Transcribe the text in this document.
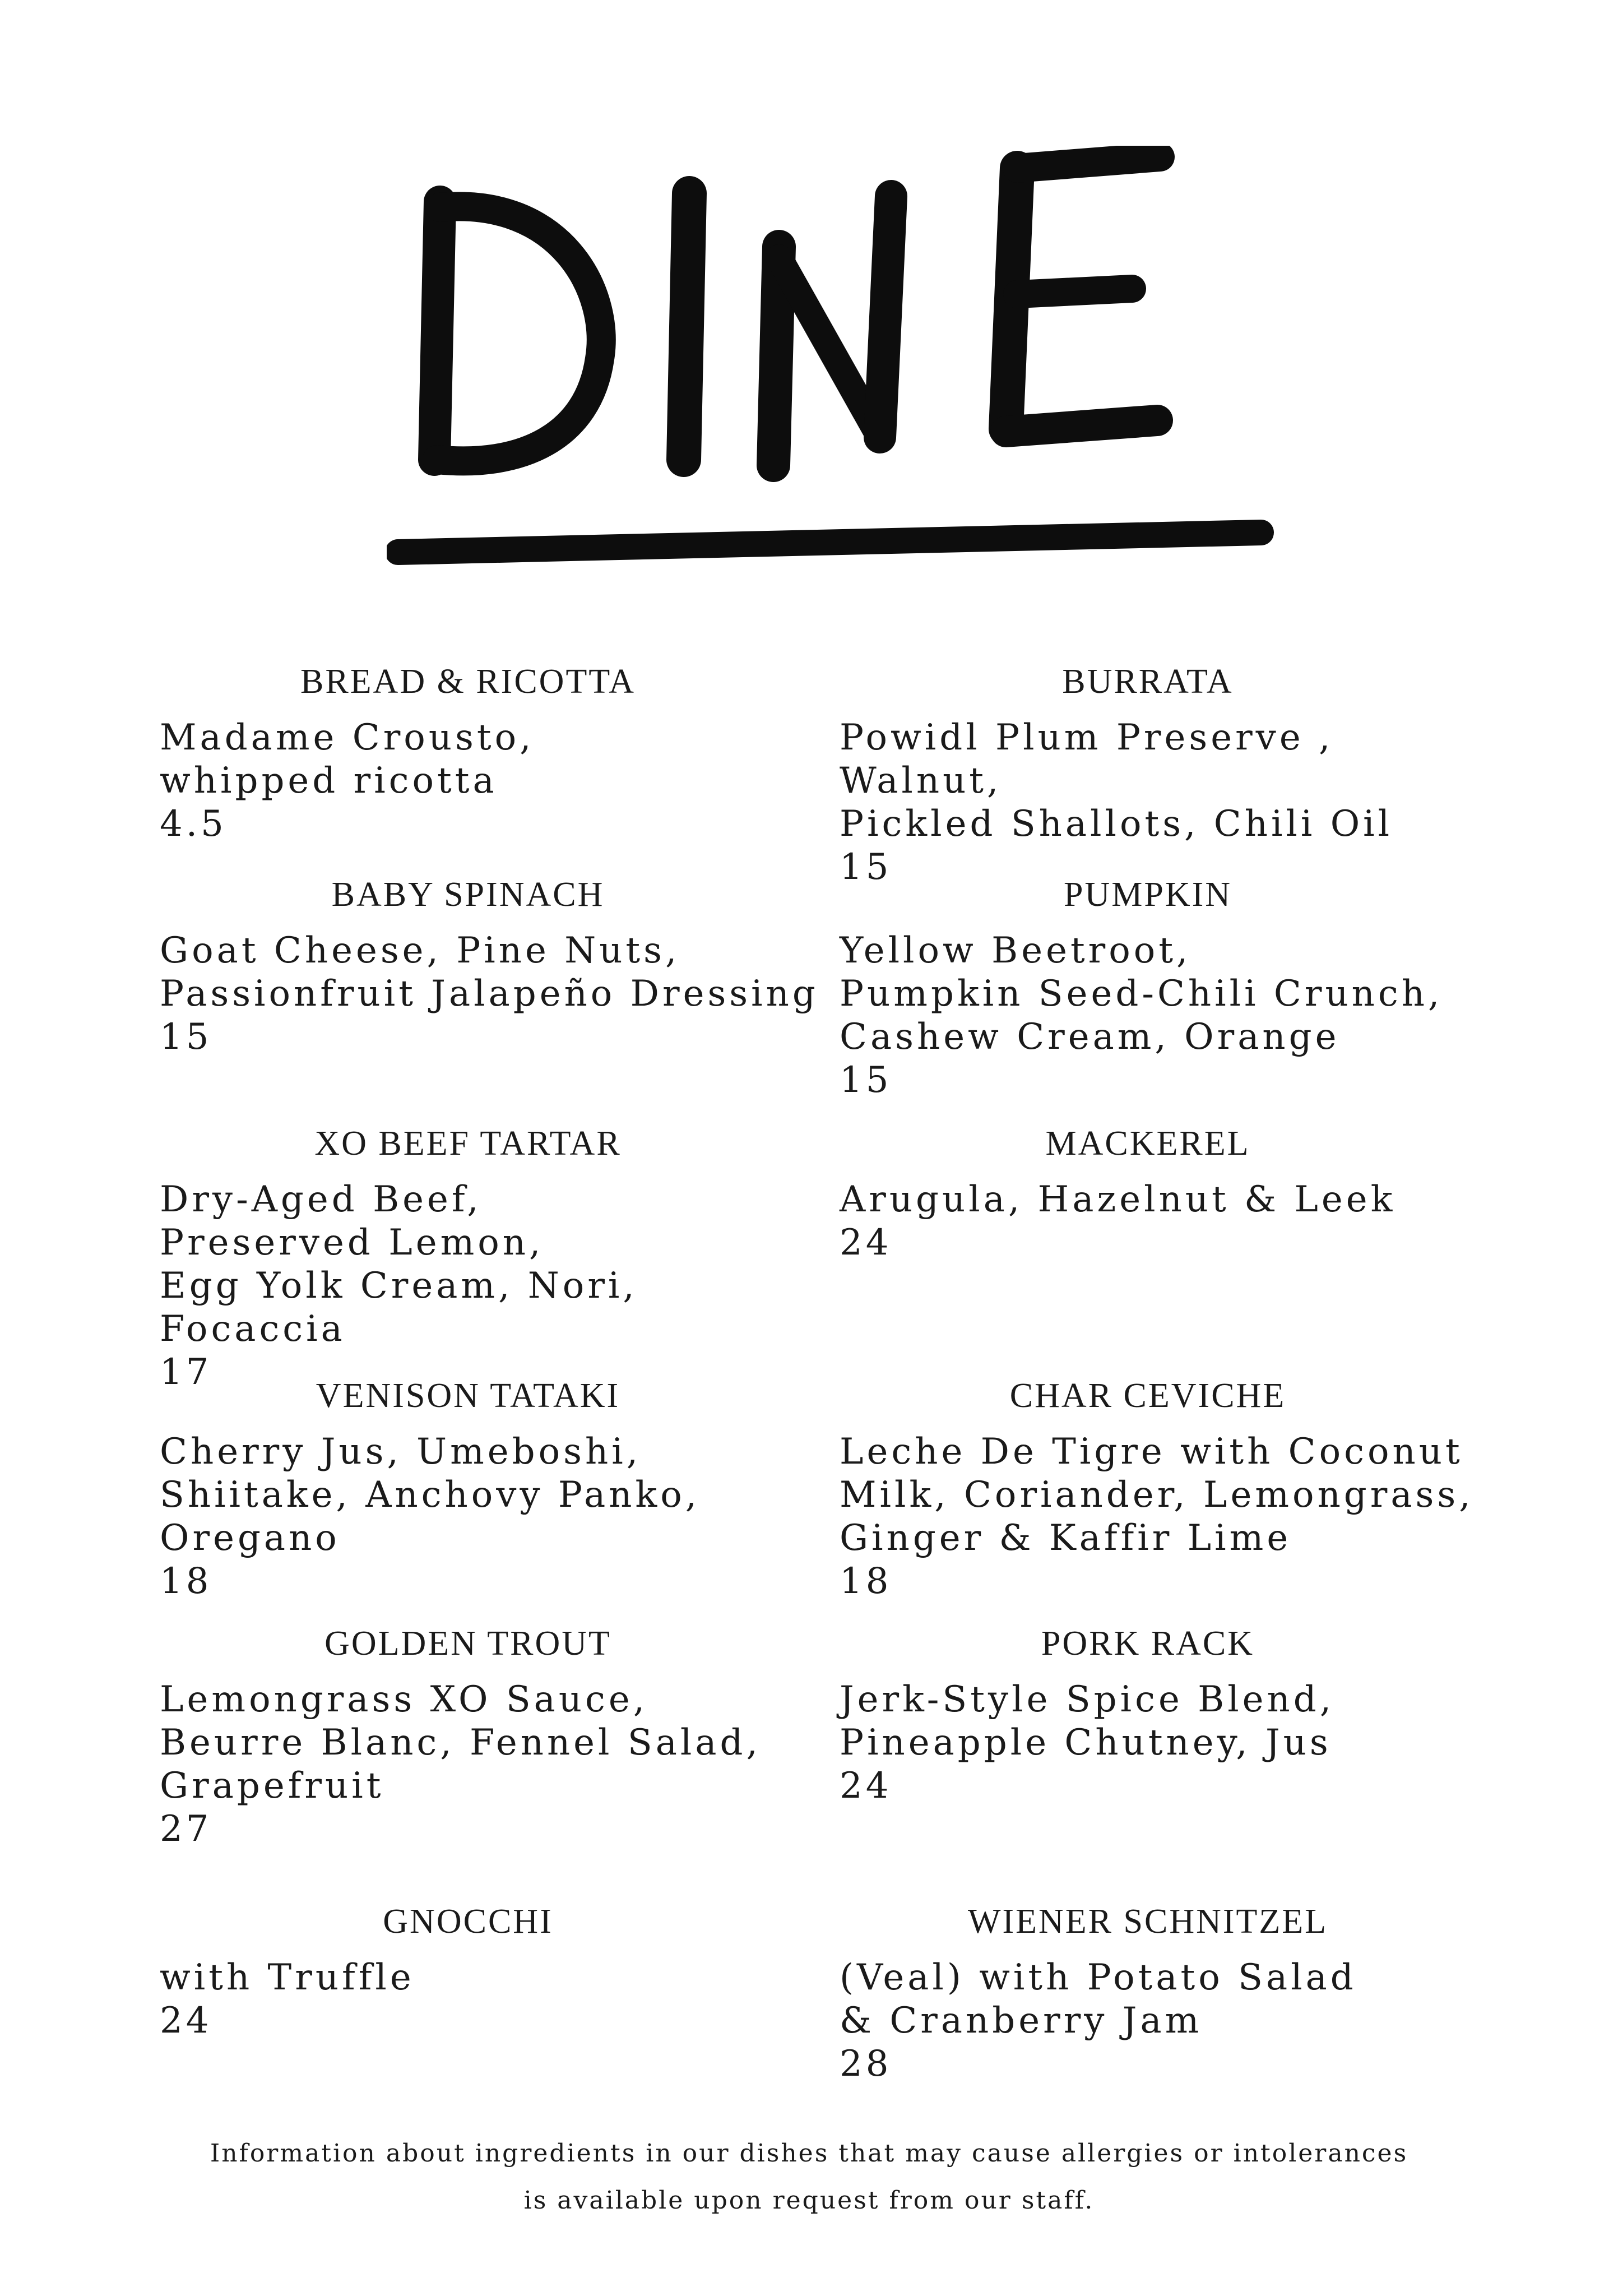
BREAD & RICOTTA

Madame Crousto,
whipped ricotta

4.5

BABY SPINACH

Goat Cheese, Pine Nuts,
Passionfruit Jalapeño Dressing

15

XO BEEF TARTAR

Dry-Aged Beef,
Preserved Lemon,
Egg Yolk Cream, Nori, Focaccia

17

VENISON TATAKI

Cherry Jus, Umeboshi,
Shiitake, Anchovy Panko,
Oregano

18

GOLDEN TROUT

Lemongrass XO Sauce,
Beurre Blanc, Fennel Salad,
Grapefruit

27

GNOCCHI

with Truffle

24

BURRATA

Powidl Plum Preserve , Walnut,
Pickled Shallots, Chili Oil

15

PUMPKIN

Yellow Beetroot,
Pumpkin Seed-Chili Crunch,
Cashew Cream, Orange

15

MACKEREL

Arugula, Hazelnut & Leek

24

CHAR CEVICHE

Leche De Tigre with Coconut
Milk, Coriander, Lemongrass,
Ginger & Kaffir Lime

18

PORK RACK

Jerk-Style Spice Blend,
Pineapple Chutney, Jus

24

WIENER SCHNITZEL

(Veal) with Potato Salad
& Cranberry Jam

28

Information about ingredients in our dishes that may cause allergies or intolerances
is available upon request from our staff.
